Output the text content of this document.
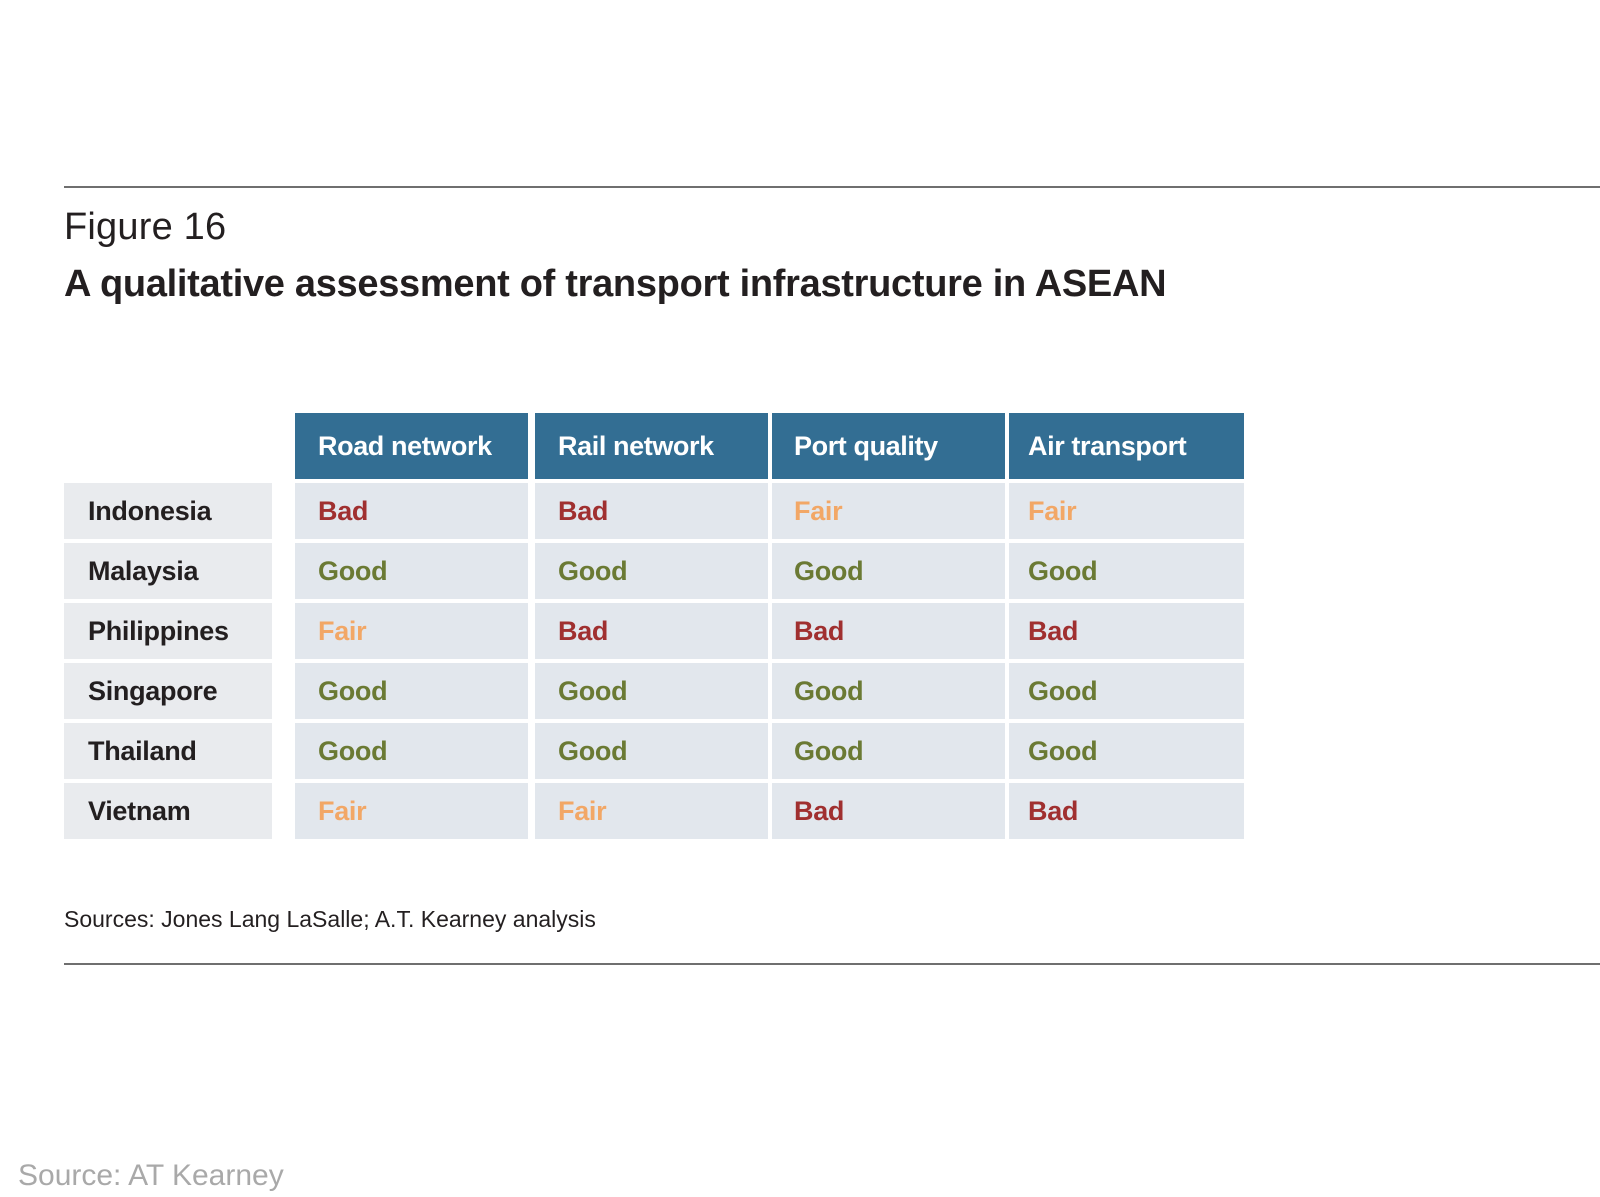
Figure 16
A qualitative assessment of transport infrastructure in ASEAN
Road network	Rail network	Port quality	Air transport
Indonesia	Bad	Bad	Fair	Fair
Malaysia	Good	Good	Good	Good
Philippines	Fair	Bad	Bad	Bad
Singapore	Good	Good	Good	Good
Thailand	Good	Good	Good	Good
Vietnam	Fair	Fair	Bad	Bad
Sources: Jones Lang LaSalle; A.T. Kearney analysis
Source: AT Kearney
